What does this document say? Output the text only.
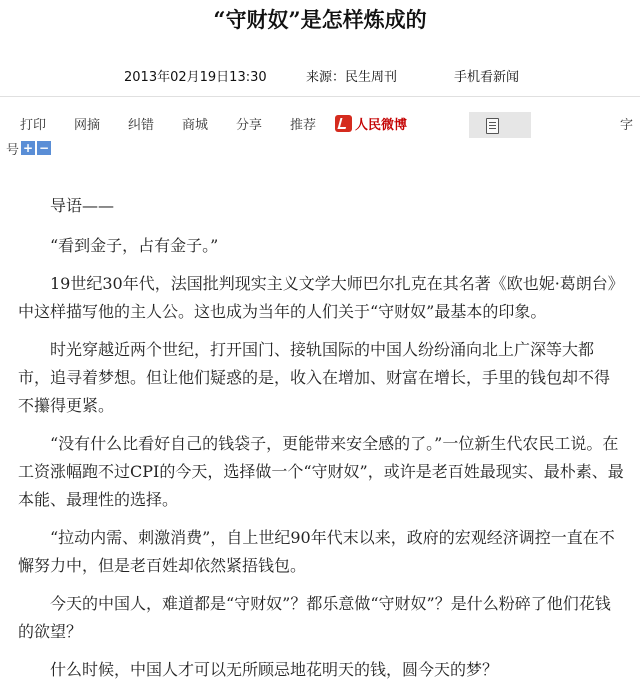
“守财奴”是怎样炼成的
2013年02月19日13:30	来源：民生周刊	手机看新闻
打印 网摘 纠错 商城 分享 推荐	人民微博	字
号 + −

导语——

“看到金子，占有金子。”

19世纪30年代，法国批判现实主义文学大师巴尔扎克在其名著《欧也妮·葛朗台》中这样描写他的主人公。这也成为当年的人们关于“守财奴”最基本的印象。

时光穿越近两个世纪，打开国门、接轨国际的中国人纷纷涌向北上广深等大都市，追寻着梦想。但让他们疑惑的是，收入在增加、财富在增长，手里的钱包却不得不攥得更紧。

“没有什么比看好自己的钱袋子，更能带来安全感的了。”一位新生代农民工说。在工资涨幅跑不过CPI的今天，选择做一个“守财奴”，或许是老百姓最现实、最朴素、最本能、最理性的选择。

“拉动内需、刺激消费”，自上世纪90年代末以来，政府的宏观经济调控一直在不懈努力中，但是老百姓却依然紧捂钱包。

今天的中国人，难道都是“守财奴”？都乐意做“守财奴”？是什么粉碎了他们花钱的欲望？

什么时候，中国人才可以无所顾忌地花明天的钱，圆今天的梦？
